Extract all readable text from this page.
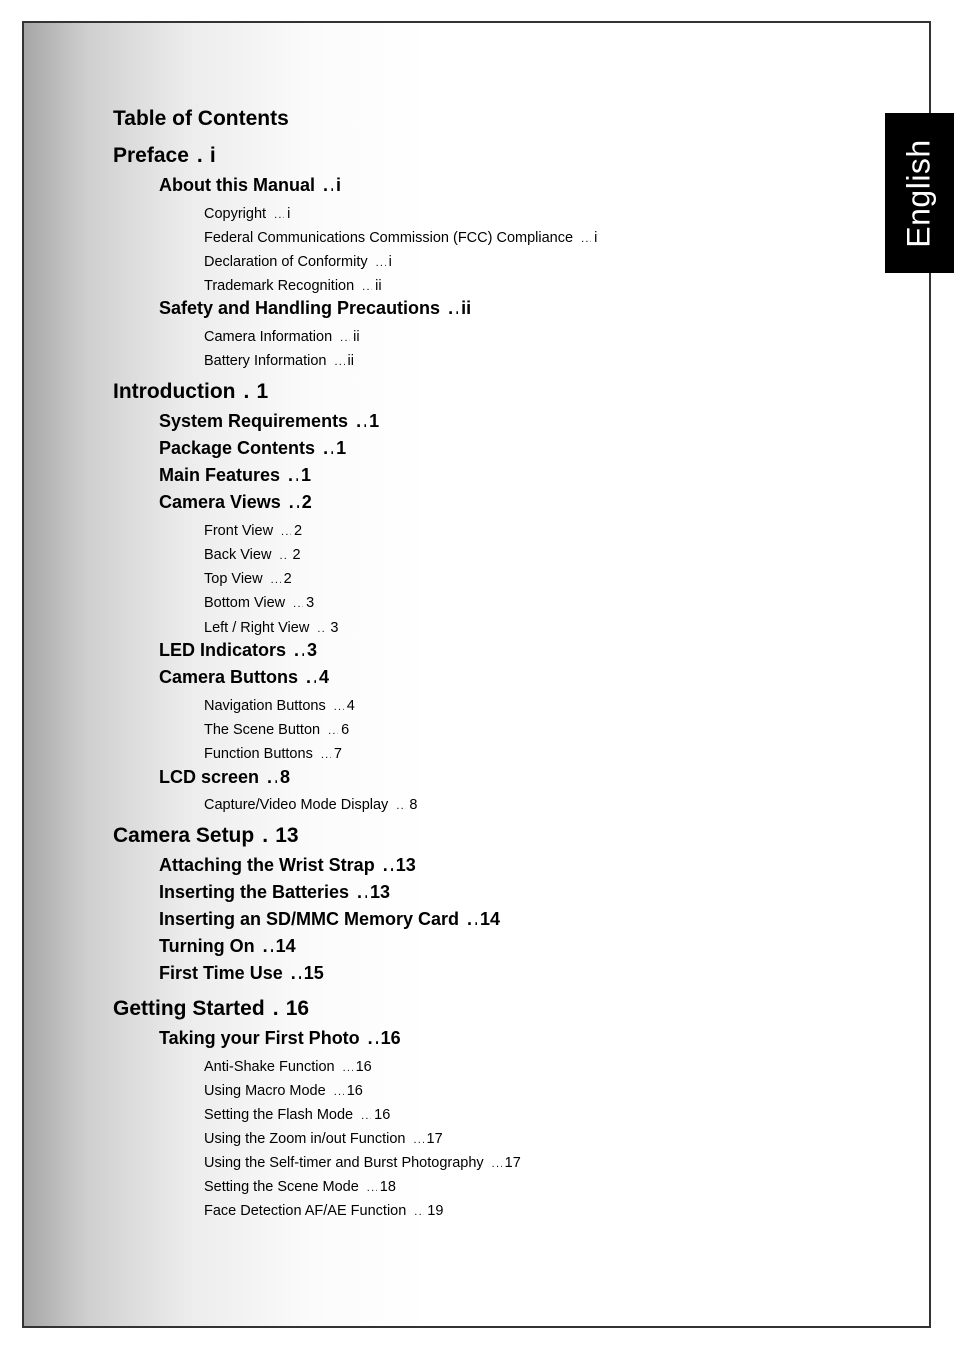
English
Table of Contents
Preface . . . i
About this Manual . . . i
Copyright . . . i
Federal Communications Commission (FCC) Compliance . . . i
Declaration of Conformity . . . i
Trademark Recognition . . . ii
Safety and Handling Precautions . . . ii
Camera Information . . . ii
Battery Information . . . ii
Introduction . . . 1
System Requirements . . . 1
Package Contents . . . 1
Main Features . . . 1
Camera Views . . . 2
Front View . . . 2
Back View . . . 2
Top View . . . 2
Bottom View . . . 3
Left / Right View . . . 3
LED Indicators . . . 3
Camera Buttons . . . 4
Navigation Buttons . . . 4
The Scene Button . . . 6
Function Buttons . . . 7
LCD screen . . . 8
Capture/Video Mode Display . . . 8
Camera Setup . . . 13
Attaching the Wrist Strap . . . 13
Inserting the Batteries . . . 13
Inserting an SD/MMC Memory Card . . . 14
Turning On . . . 14
First Time Use . . . 15
Getting Started . . . 16
Taking your First Photo . . . 16
Anti-Shake Function . . . 16
Using Macro Mode . . . 16
Setting the Flash Mode . . . 16
Using the Zoom in/out Function . . . 17
Using the Self-timer and Burst Photography . . . 17
Setting the Scene Mode . . . 18
Face Detection AF/AE Function . . . 19
